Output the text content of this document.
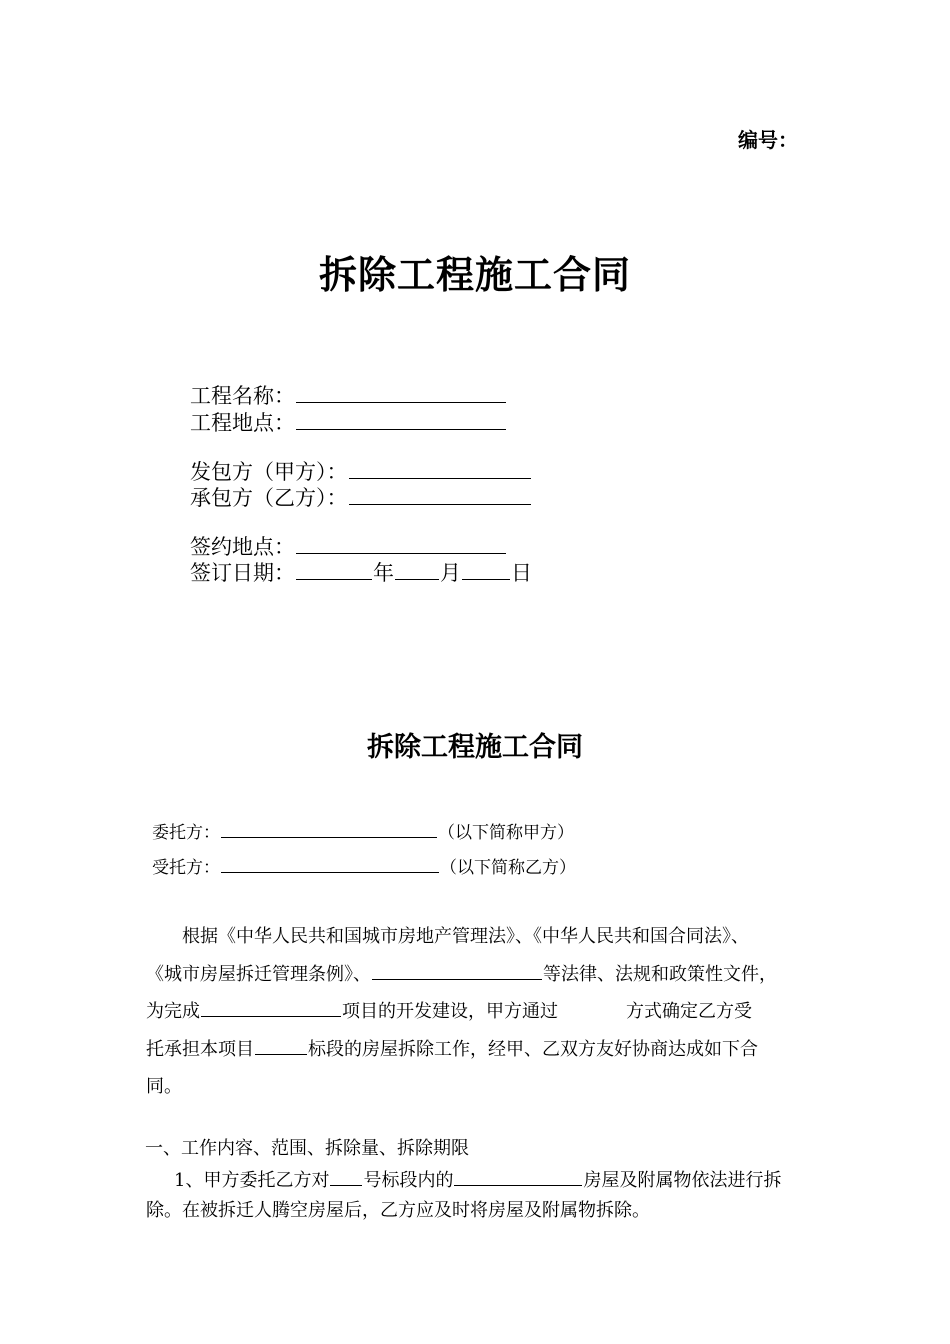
编号：
拆除工程施工合同
工程名称：
工程地点：
发包方（甲方）：
承包方（乙方）：
签约地点：
签订日期：	年 月 日
拆除工程施工合同
委托方：	（以下简称甲方）
受托方：	（以下简称乙方）
根据《中华人民共和国城市房地产管理法》、《中华人民共和国合同法》、
《城市房屋拆迁管理条例》、	等法律、法规和政策性文件，
为完成	项目的开发建设，甲方通过	方式确定乙方受
托承担本项目	标段的房屋拆除工作，经甲、乙双方友好协商达成如下合
同。
一、工作内容、范围、拆除量、拆除期限
1、甲方委托乙方对 号标段内的	房屋及附属物依法进行拆
除。在被拆迁人腾空房屋后，乙方应及时将房屋及附属物拆除。
